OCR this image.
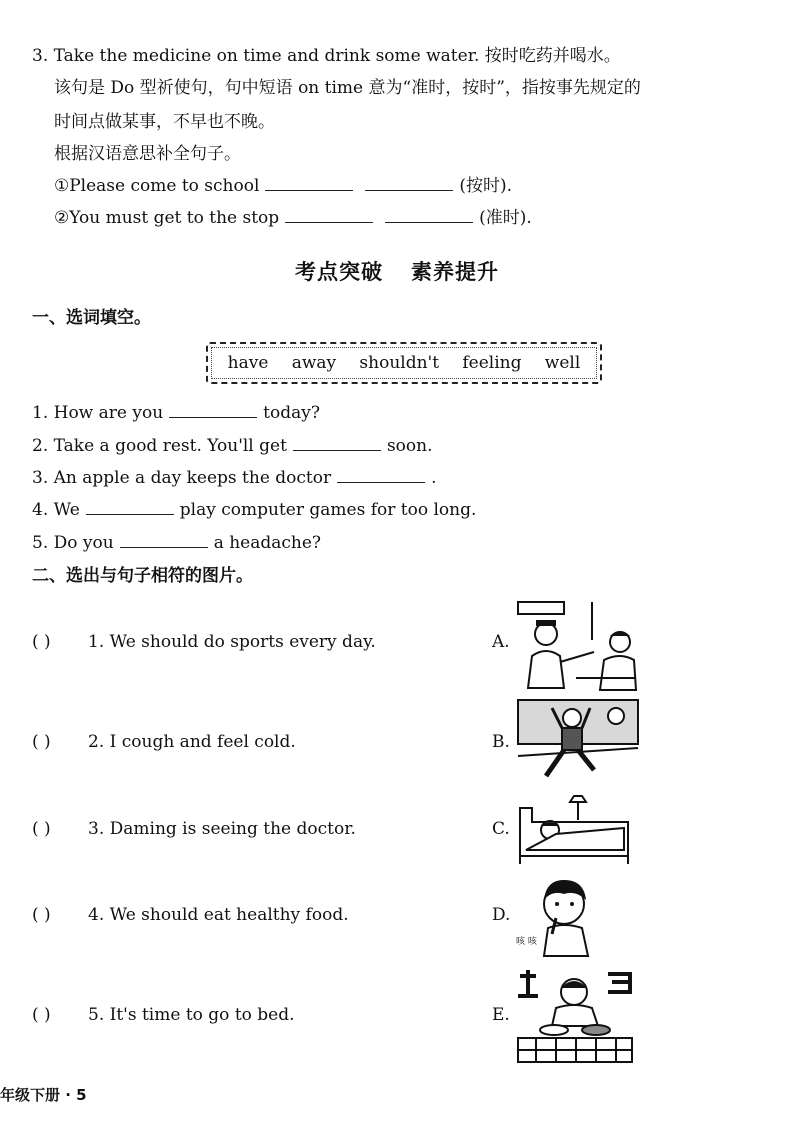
3. Take the medicine on time and drink some water. 按时吃药并喝水。
该句是 Do 型祈使句，句中短语 on time 意为“准时，按时”，指按事先规定的
时间点做某事，不早也不晚。
根据汉语意思补全句子。
①Please come to school	(按时).
②You must get to the stop	(准时).
考点突破 素养提升
一、选词填空。
have away shouldn't feeling well
1. How are you	today?
2. Take a good rest. You'll get	soon.
3. An apple a day keeps the doctor	.
4. We	play computer games for too long.
5. Do you	a headache?
二、选出与句子相符的图片。
( ) 1. We should do sports every day.	A.
( ) 2. I cough and feel cold.	B.
( ) 3. Daming is seeing the doctor.	C.
( ) 4. We should eat healthy food.	D.
咳 咳
( ) 5. It's time to go to bed.	E.
年级下册 · 5
